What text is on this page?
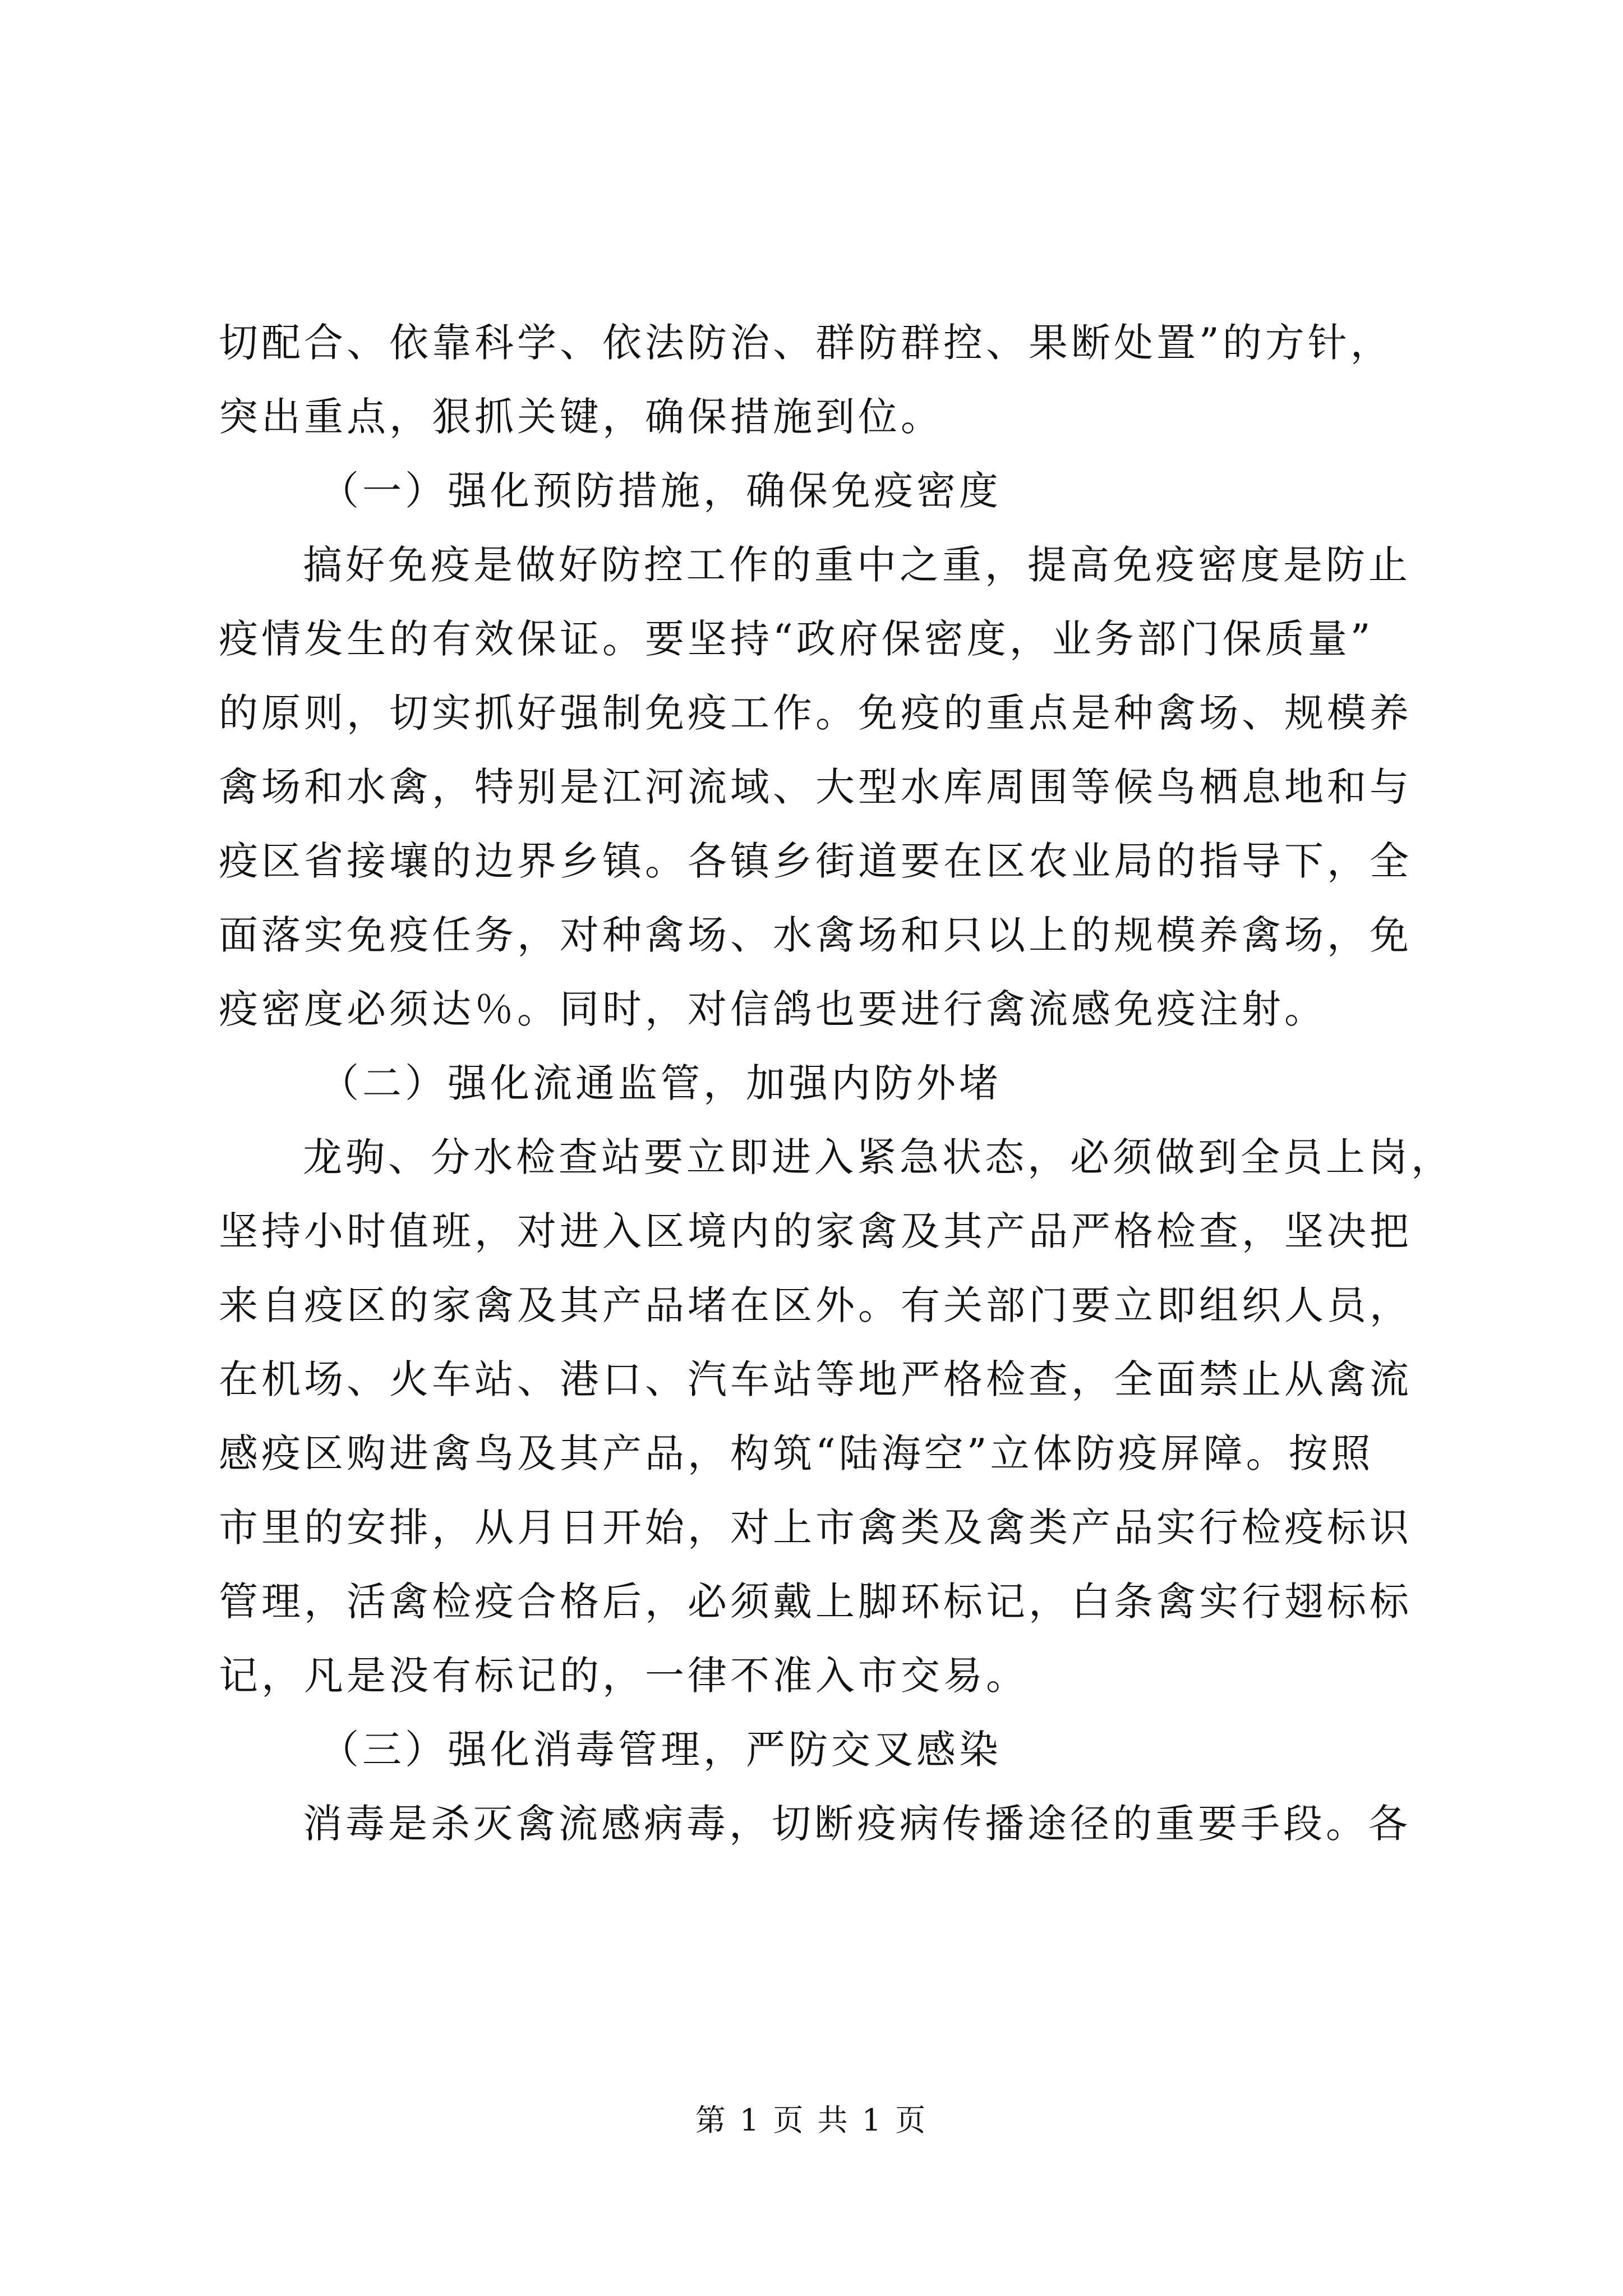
切配合、依靠科学、依法防治、群防群控、果断处置”的方针，
突出重点，狠抓关键，确保措施到位。
（一）强化预防措施，确保免疫密度
搞好免疫是做好防控工作的重中之重，提高免疫密度是防止
疫情发生的有效保证。要坚持“政府保密度，业务部门保质量”
的原则，切实抓好强制免疫工作。免疫的重点是种禽场、规模养
禽场和水禽，特别是江河流域、大型水库周围等候鸟栖息地和与
疫区省接壤的边界乡镇。各镇乡街道要在区农业局的指导下，全
面落实免疫任务，对种禽场、水禽场和只以上的规模养禽场，免
疫密度必须达％。同时，对信鸽也要进行禽流感免疫注射。
（二）强化流通监管，加强内防外堵
龙驹、分水检查站要立即进入紧急状态，必须做到全员上岗，
坚持小时值班，对进入区境内的家禽及其产品严格检查，坚决把
来自疫区的家禽及其产品堵在区外。有关部门要立即组织人员，
在机场、火车站、港口、汽车站等地严格检查，全面禁止从禽流
感疫区购进禽鸟及其产品，构筑“陆海空”立体防疫屏障。按照
市里的安排，从月日开始，对上市禽类及禽类产品实行检疫标识
管理，活禽检疫合格后，必须戴上脚环标记，白条禽实行翅标标
记，凡是没有标记的，一律不准入市交易。
（三）强化消毒管理，严防交叉感染
消毒是杀灭禽流感病毒，切断疫病传播途径的重要手段。各
第 1 页 共 1 页
